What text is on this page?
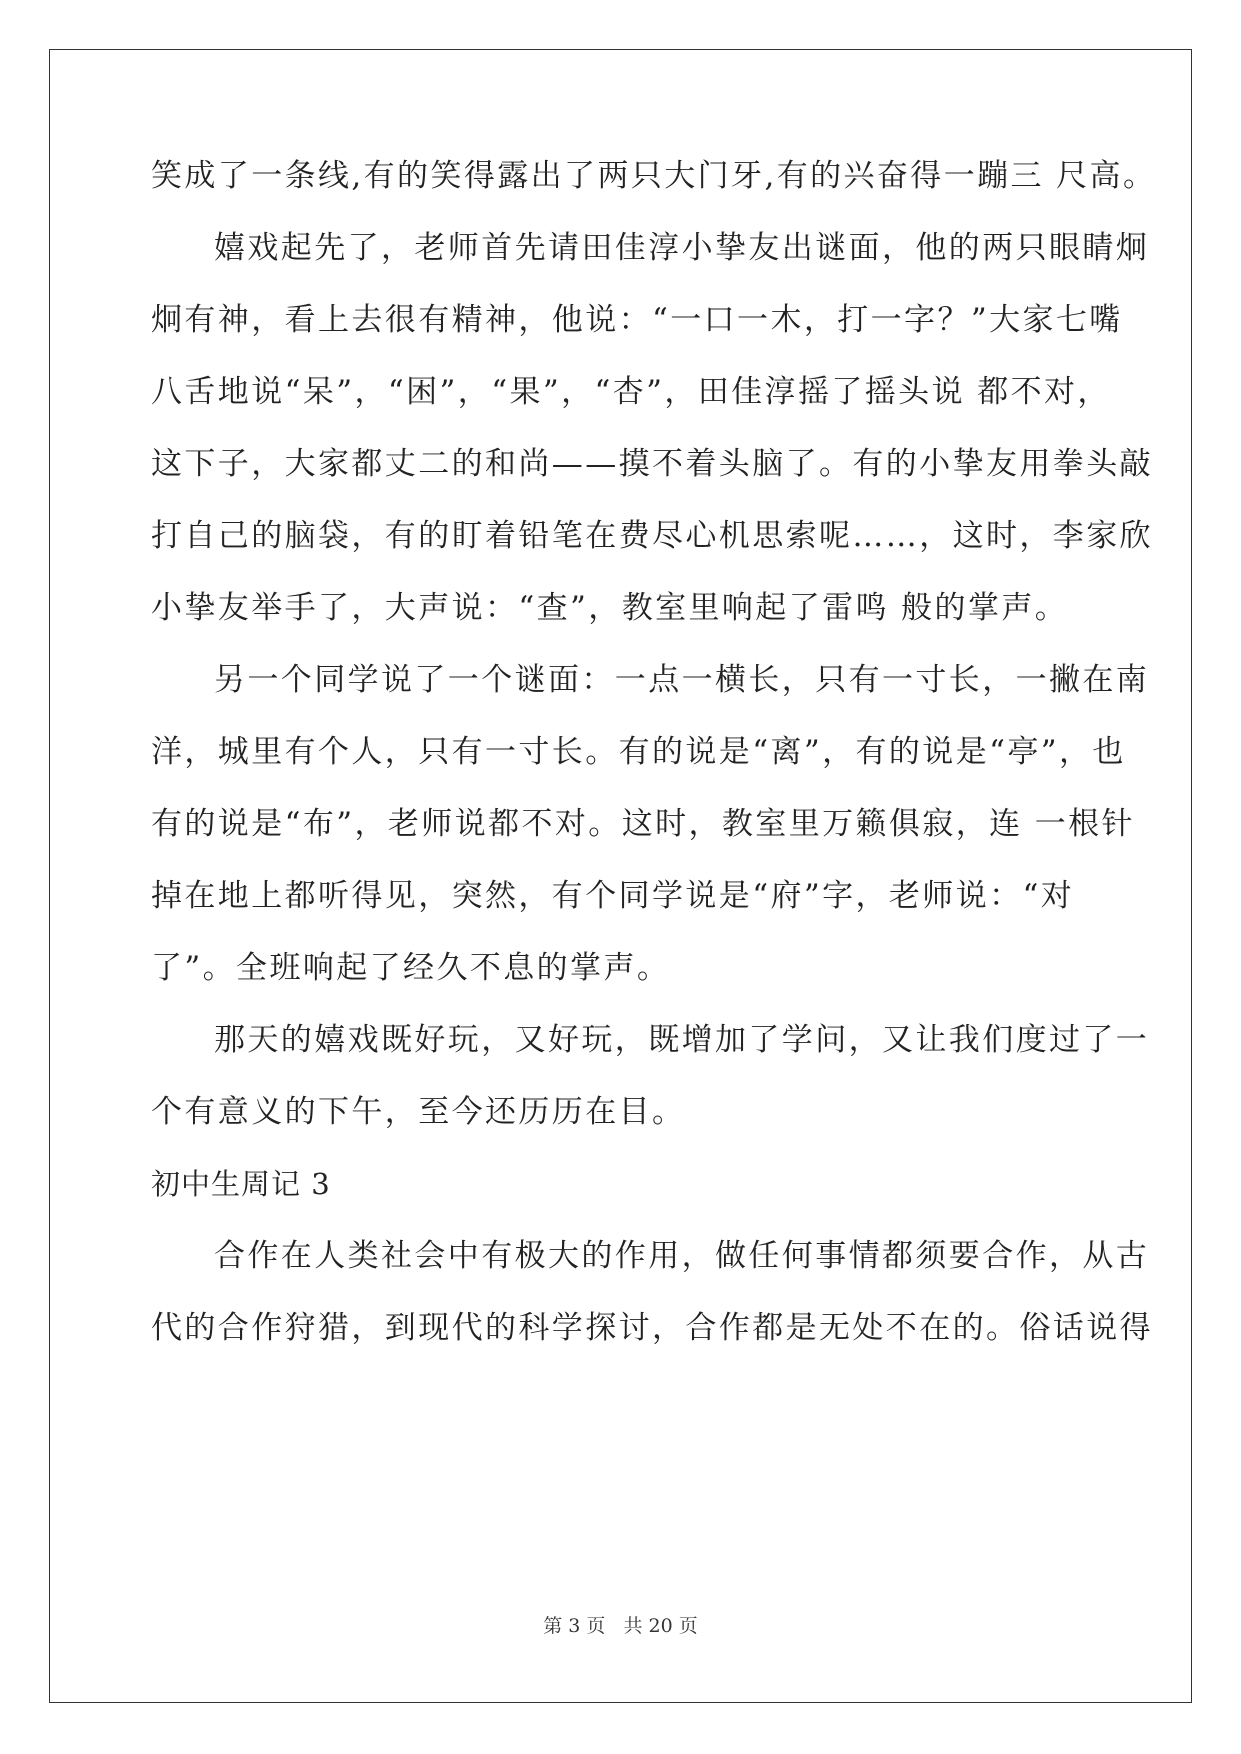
笑成了一条线,有的笑得露出了两只大门牙,有的兴奋得一蹦三 尺高。
嬉戏起先了，老师首先请田佳淳小挚友出谜面，他的两只眼睛炯
炯有神，看上去很有精神，他说：“一口一木，打一字？”大家七嘴
八舌地说“呆”，“困”，“果”，“杏”，田佳淳摇了摇头说 都不对，
这下子，大家都丈二的和尚——摸不着头脑了。有的小挚友用拳头敲
打自己的脑袋，有的盯着铅笔在费尽心机思索呢……，这时，李家欣
小挚友举手了，大声说：“查”，教室里响起了雷鸣 般的掌声。
另一个同学说了一个谜面：一点一横长，只有一寸长，一撇在南
洋，城里有个人，只有一寸长。有的说是“离”，有的说是“亭”，也
有的说是“布”，老师说都不对。这时，教室里万籁俱寂，连 一根针
掉在地上都听得见，突然，有个同学说是“府”字，老师说：“对
了”。全班响起了经久不息的掌声。
那天的嬉戏既好玩，又好玩，既增加了学问，又让我们度过了一
个有意义的下午，至今还历历在目。
初中生周记 3
合作在人类社会中有极大的作用，做任何事情都须要合作，从古
代的合作狩猎，到现代的科学探讨，合作都是无处不在的。俗话说得
第 3 页 共 20 页
